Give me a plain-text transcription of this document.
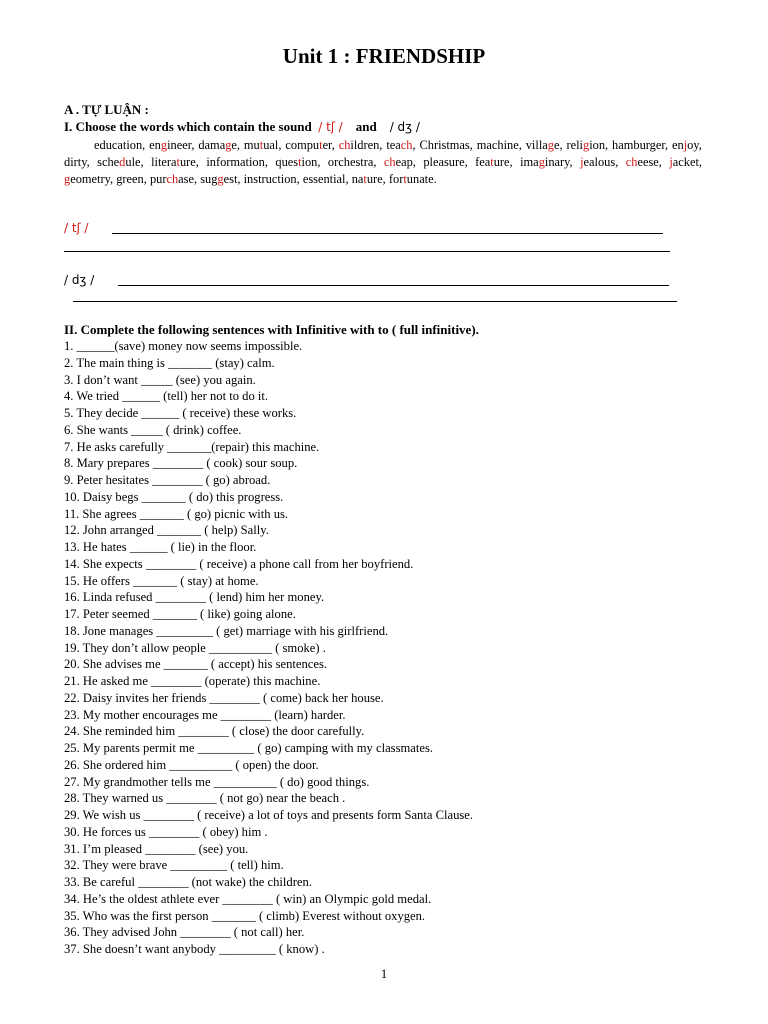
Unit 1 : FRIENDSHIP

A . TỰ LUẬN :

I. Choose the words which contain the sound / tʃ / and / dʒ /

education, engineer, damage, mutual, computer, children, teach, Christmas, machine, village, religion, hamburger, enjoy, dirty, schedule, literature, information, question, orchestra, cheap, pleasure, feature, imaginary, jealous, cheese, jacket, geometry, green, purchase, suggest, instruction, essential, nature, fortunate.

/ tʃ /
/ dʒ /

II. Complete the following sentences with Infinitive with to ( full infinitive).

1. ______(save) money now seems impossible.
2. The main thing is _______ (stay) calm.
3. I don’t want _____ (see) you again.
4. We tried ______ (tell) her not to do it.
5. They decide ______ ( receive) these works.
6. She wants _____ ( drink) coffee.
7. He asks carefully _______(repair) this machine.
8. Mary prepares ________ ( cook) sour soup.
9. Peter hesitates ________ ( go) abroad.
10. Daisy begs _______ ( do) this progress.
11. She agrees _______ ( go) picnic with us.
12. John arranged _______ ( help) Sally.
13. He hates ______ ( lie) in the floor.
14. She expects ________ ( receive) a phone call from her boyfriend.
15. He offers _______ ( stay) at home.
16. Linda refused ________ ( lend) him her money.
17. Peter seemed _______ ( like) going alone.
18. Jone manages _________ ( get) marriage with his girlfriend.
19. They don’t allow people __________ ( smoke) .
20. She advises me _______ ( accept) his sentences.
21. He asked me ________ (operate) this machine.
22. Daisy invites her friends ________ ( come) back her house.
23. My mother encourages me ________ (learn) harder.
24. She reminded him ________ ( close) the door carefully.
25. My parents permit me _________ ( go) camping with my classmates.
26. She ordered him __________ ( open) the door.
27. My grandmother tells me __________ ( do) good things.
28. They warned us ________ ( not go) near the beach .
29. We wish us ________ ( receive) a lot of toys and presents form Santa Clause.
30. He forces us ________ ( obey) him .
31. I’m pleased ________ (see) you.
32. They were brave _________ ( tell) him.
33. Be careful ________ (not wake) the children.
34. He’s the oldest athlete ever ________ ( win) an Olympic gold medal.
35. Who was the first person _______ ( climb) Everest without oxygen.
36. They advised John ________ ( not call) her.
37. She doesn’t want anybody _________ ( know) .
1
